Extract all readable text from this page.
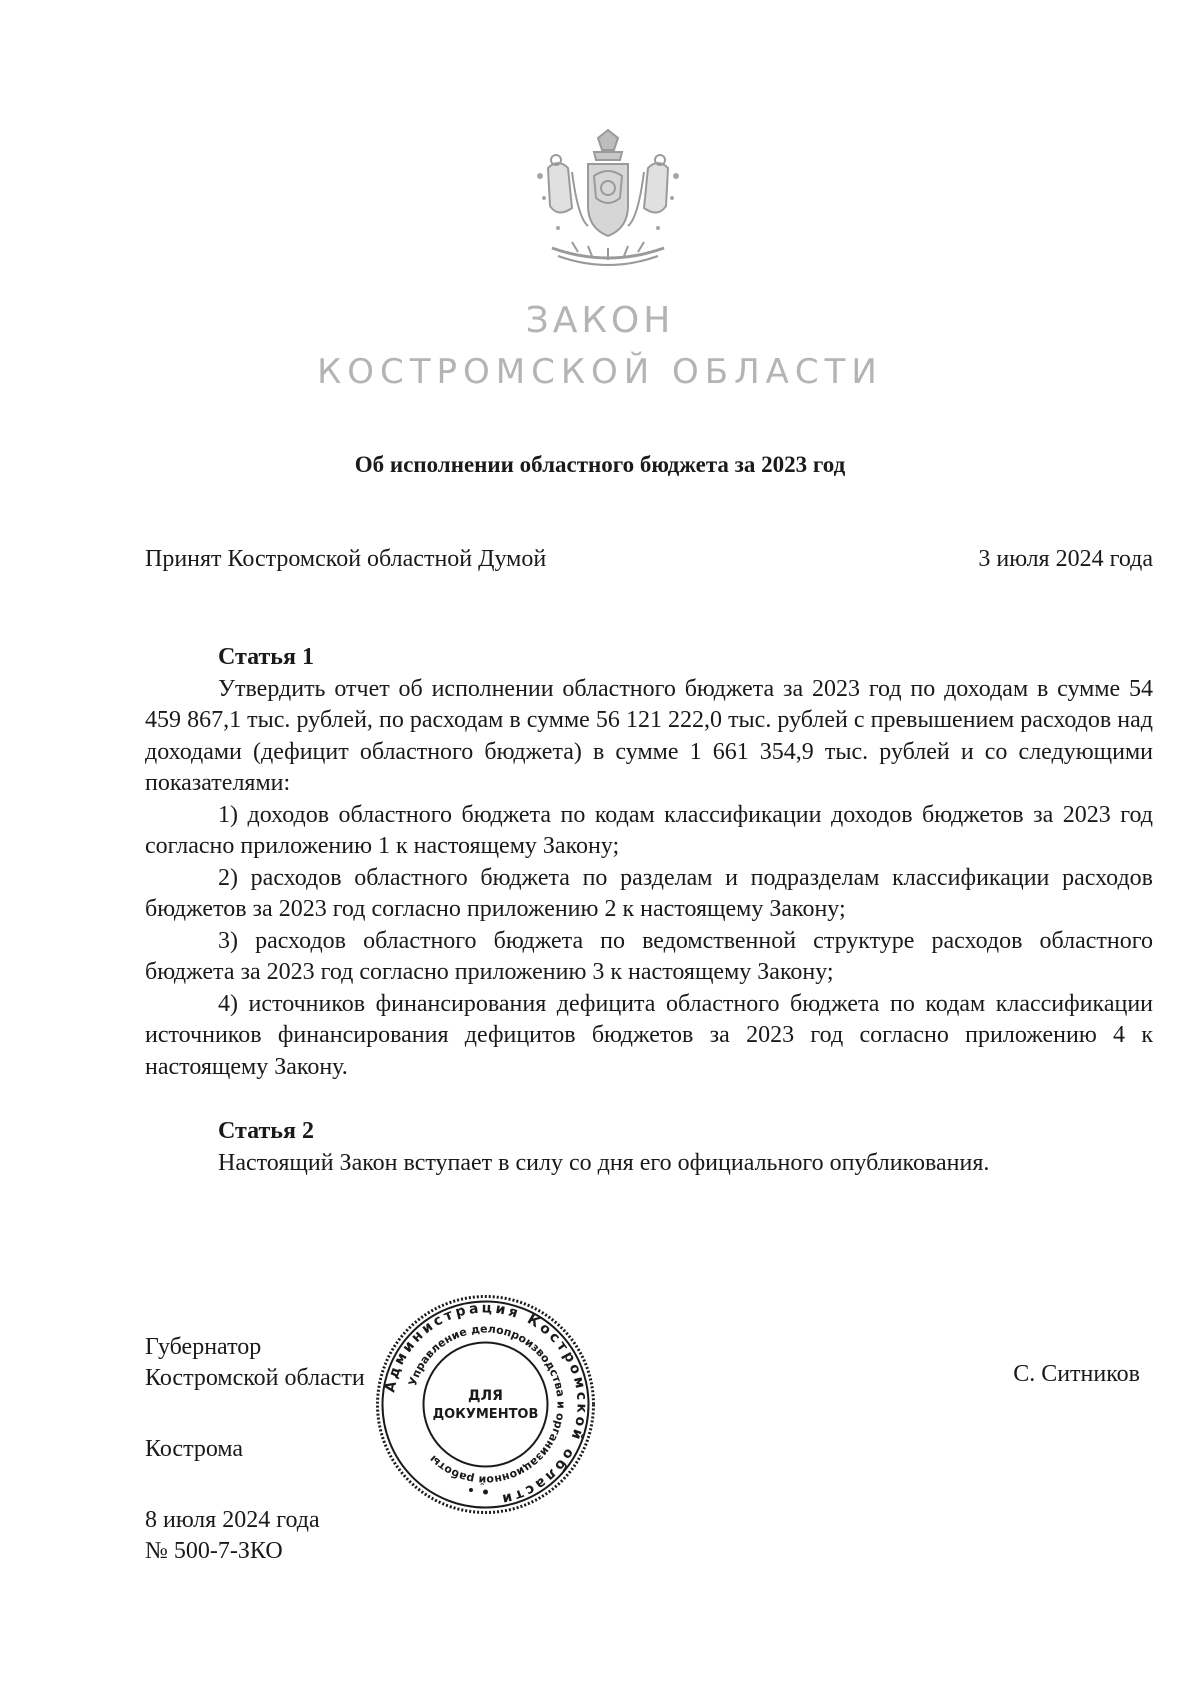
ЗАКОН
КОСТРОМСКОЙ ОБЛАСТИ
Об исполнении областного бюджета за 2023 год
Принят Костромской областной Думой	3 июля 2024 года

Статья 1

Утвердить отчет об исполнении областного бюджета за 2023 год по доходам в сумме 54 459 867,1 тыс. рублей, по расходам в сумме 56 121 222,0 тыс. рублей с превышением расходов над доходами (дефицит областного бюджета) в сумме 1 661 354,9 тыс. рублей и со следующими показателями:

1) доходов областного бюджета по кодам классификации доходов бюджетов за 2023 год согласно приложению 1 к настоящему Закону;

2) расходов областного бюджета по разделам и подразделам классификации расходов бюджетов за 2023 год согласно приложению 2 к настоящему Закону;

3) расходов областного бюджета по ведомственной структуре расходов областного бюджета за 2023 год согласно приложению 3 к настоящему Закону;

4) источников финансирования дефицита областного бюджета по кодам классификации источников финансирования дефицитов бюджетов за 2023 год согласно приложению 4 к настоящему Закону.

Статья 2

Настоящий Закон вступает в силу со дня его официального опубликования.

Губернатор
Костромской области
Кострома
8 июля 2024 года
№ 500-7-ЗКО
С. Ситников
Администрация Костромской области
Управление делопроизводства и организационной работы
ДЛЯ
ДОКУМЕНТОВ
